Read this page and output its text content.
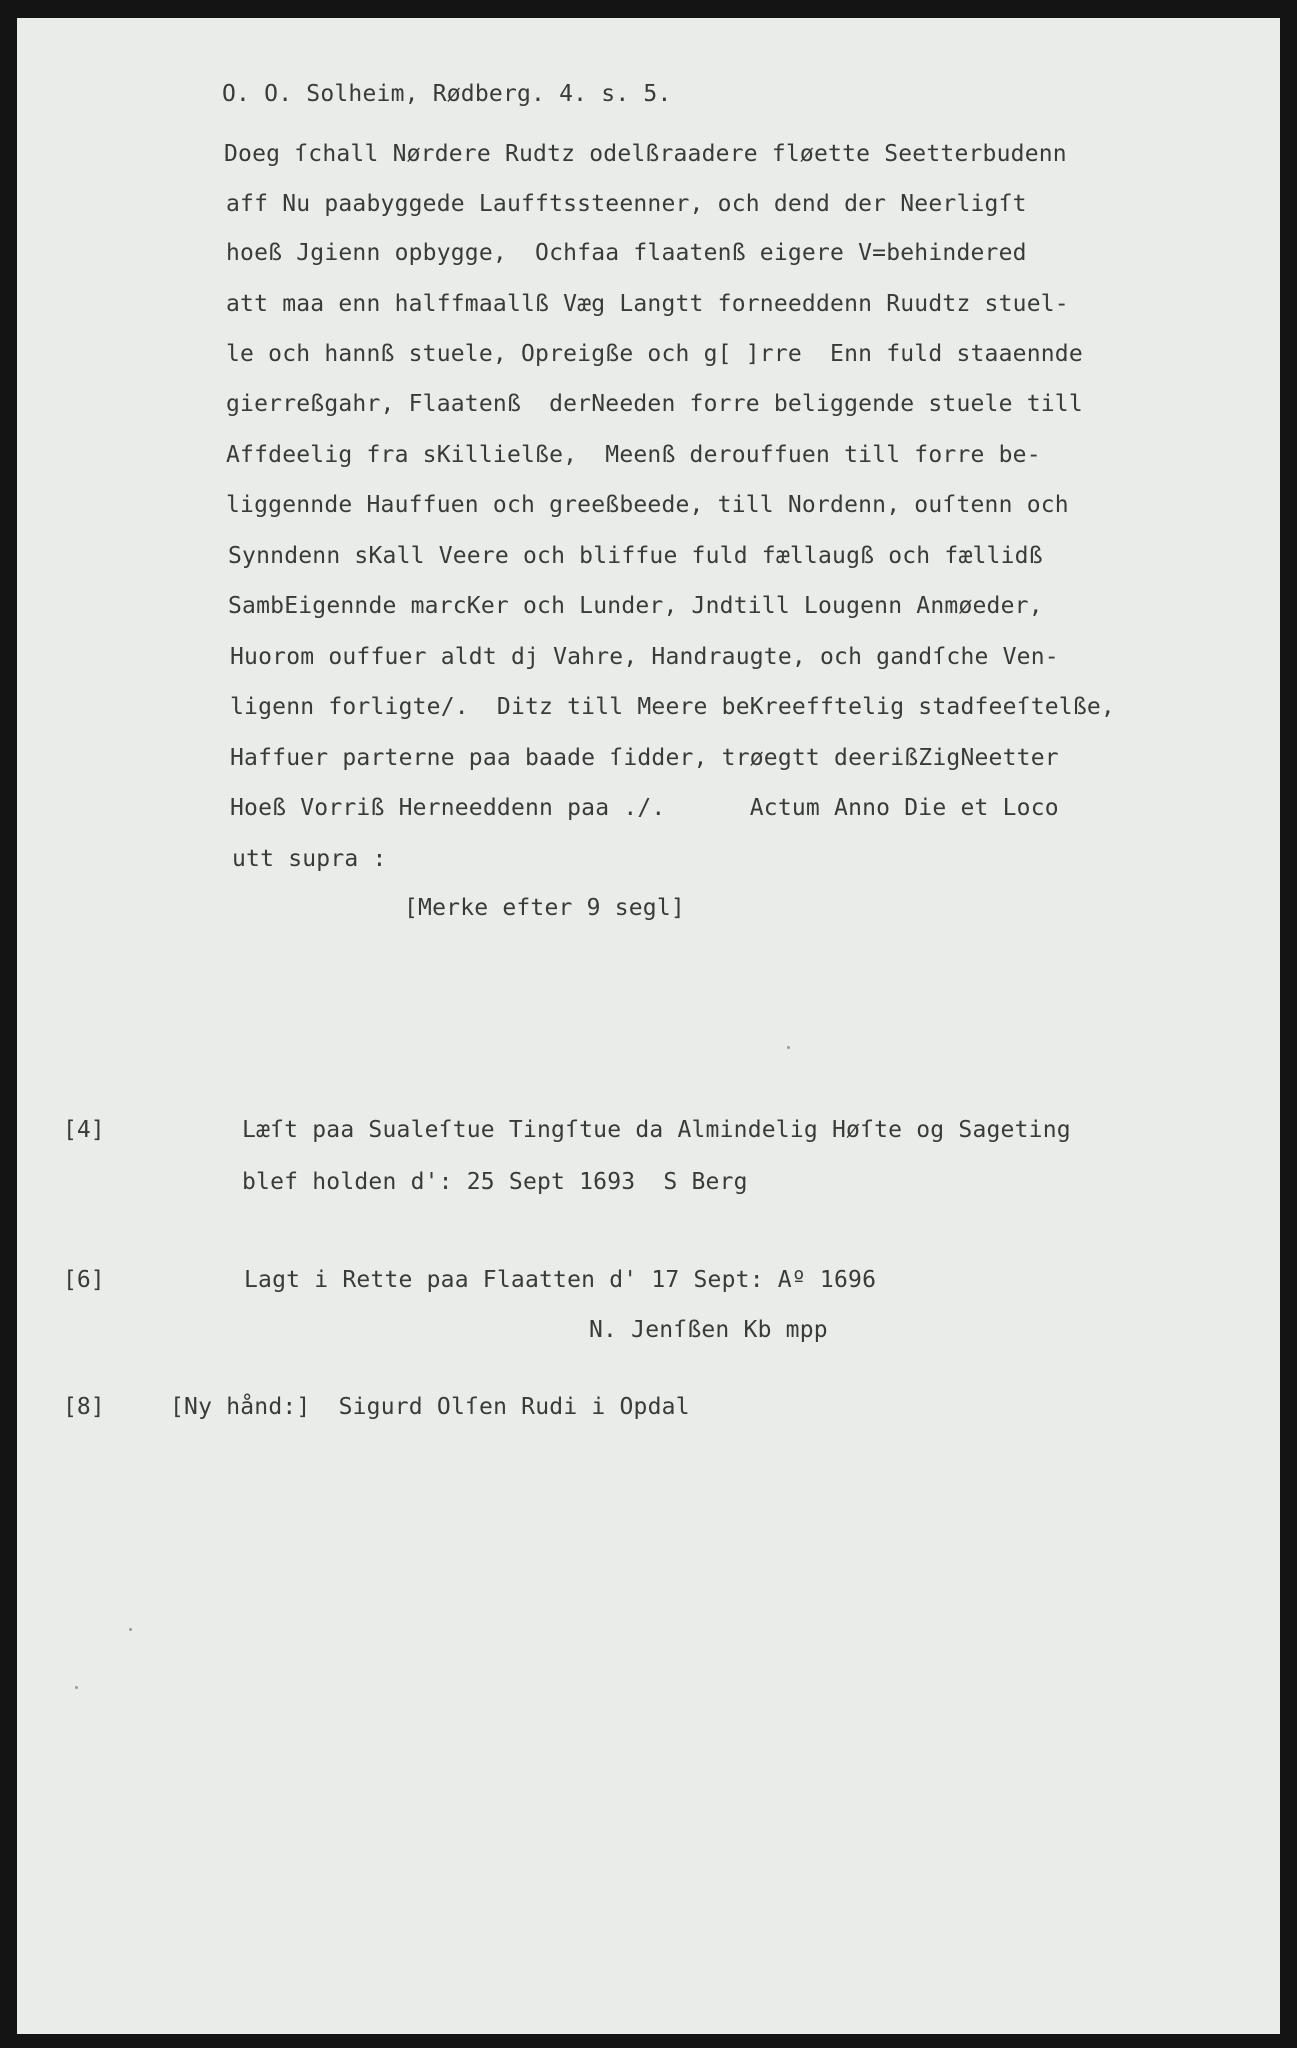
O. O. Solheim, Rødberg. 4. s. 5.
Doeg ſchall Nørdere Rudtz odelßraadere fløette Seetterbudenn
aff Nu paabyggede Laufftssteenner, och dend der Neerligſt
hoeß Jgienn opbygge,  Ochfaa flaatenß eigere V=behindered
att maa enn halffmaallß Væg Langtt forneeddenn Ruudtz stuel-
le och hannß stuele, Opreigße och g[ ]rre  Enn fuld staaennde
gierreßgahr, Flaatenß  derNeeden forre beliggende stuele till
Affdeelig fra sKillielße,  Meenß derouffuen till forre be-
liggennde Hauffuen och greeßbeede, till Nordenn, ouſtenn och
Synndenn sKall Veere och bliffue fuld fællaugß och fællidß
SambEigennde marcKer och Lunder, Jndtill Lougenn Anmøeder,
Huorom ouffuer aldt dj Vahre, Handraugte, och gandſche Ven-
ligenn forligte/.  Ditz till Meere beKreefftelig stadfeeſtelße,
Haffuer parterne paa baade ſidder, trøegtt deerißZigNeetter
Hoeß Vorriß Herneeddenn paa ./.      Actum Anno Die et Loco
utt supra :
[Merke efter 9 segl]
[4]	Læſt paa Sualeſtue Tingſtue da Almindelig Høſte og Sageting
blef holden d': 25 Sept 1693  S Berg
[6]	Lagt i Rette paa Flaatten d' 17 Sept: Aº 1696
N. Jenſßen Kb mpp
[8]	[Ny hånd:]  Sigurd Olſen Rudi i Opdal
